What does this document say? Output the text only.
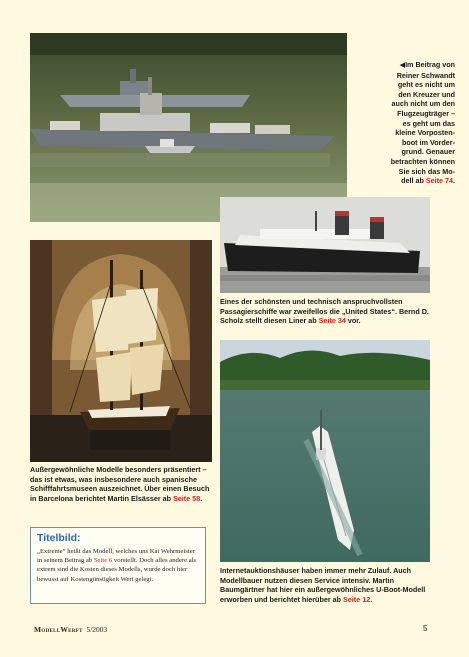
◀Im Beitrag von
Reiner Schwandt
geht es nicht um
den Kreuzer und
auch nicht um den
Flugzeugträger –
es geht um das
kleine Vorposten-
boot im Vorder-
grund. Genauer
betrachten können
Sie sich das Mo-
dell ab Seite 74.
Eines der schönsten und technisch anspruchvollsten Passagierschiffe war zweifellos die „United States“. Bernd D. Scholz stellt diesen Liner ab Seite 34 vor.
Außergewöhnliche Modelle besonders präsentiert – das ist etwas, was insbesondere auch spanische Schifffahrtsmuseen auszeichnet. Über einen Besuch in Barcelona berichtet Martin Elsässer ab Seite 58.
Titelbild:
„Extreme“ heißt das Modell, welches uns Kai Wehrmeister in seinem Beitrag ab Seite 6 vorstellt. Doch alles andere als extrem sind die Kosten dieses Modells, wurde doch hier bewusst auf Kostengünstigkeit Wert gelegt.
Internetauktionshäuser haben immer mehr Zulauf. Auch Modellbauer nutzen diesen Service intensiv. Martin Baumgärtner hat hier ein außergewöhnliches U-Boot-Modell erworben und berichtet hierüber ab Seite 12.
ModellWerft 5/2003	5
